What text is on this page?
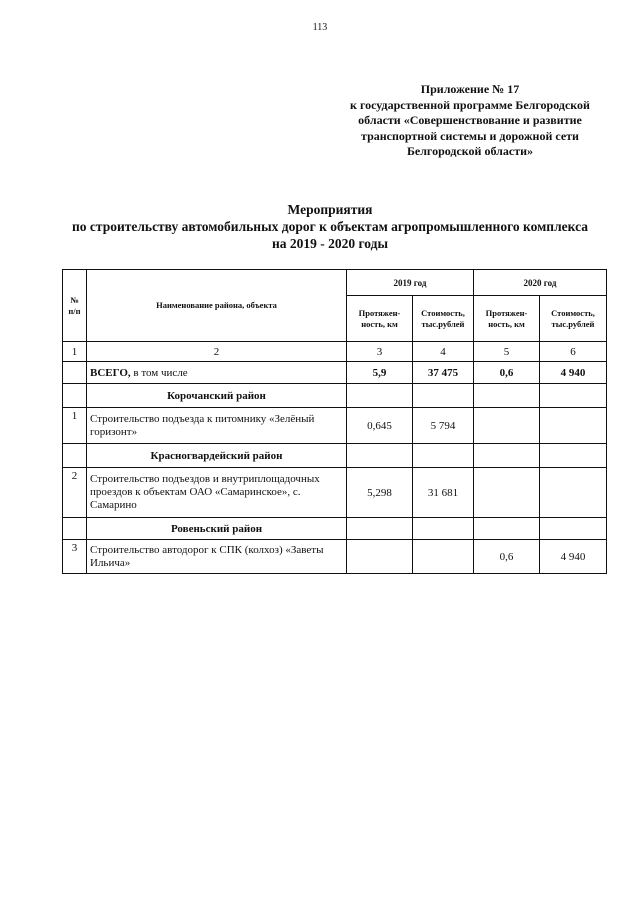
113
Приложение № 17
к государственной программе Белгородской
области «Совершенствование и развитие
транспортной системы и дорожной сети
Белгородской области»
Мероприятия
по строительству автомобильных дорог к объектам агропромышленного комплекса
на 2019 - 2020 годы
№ п/п	Наименование района, объекта	2019 год		2020 год	
		Протяжен-ность, км	Стоимость, тыс.рублей	Протяжен-ность, км	Стоимость, тыс.рублей
1	2	3	4	5	6
	ВСЕГО, в том числе	5,9	37 475	0,6	4 940
	Корочанский район				
1	Строительство подъезда к питомнику «Зелёный горизонт»	0,645	5 794		
	Красногвардейский район				
2	Строительство подъездов и внутриплощадочных проездов к объектам ОАО «Самаринское», с. Самарино	5,298	31 681		
	Ровеньский район				
3	Строительство автодорог к СПК (колхоз) «Заветы Ильича»			0,6	4 940
